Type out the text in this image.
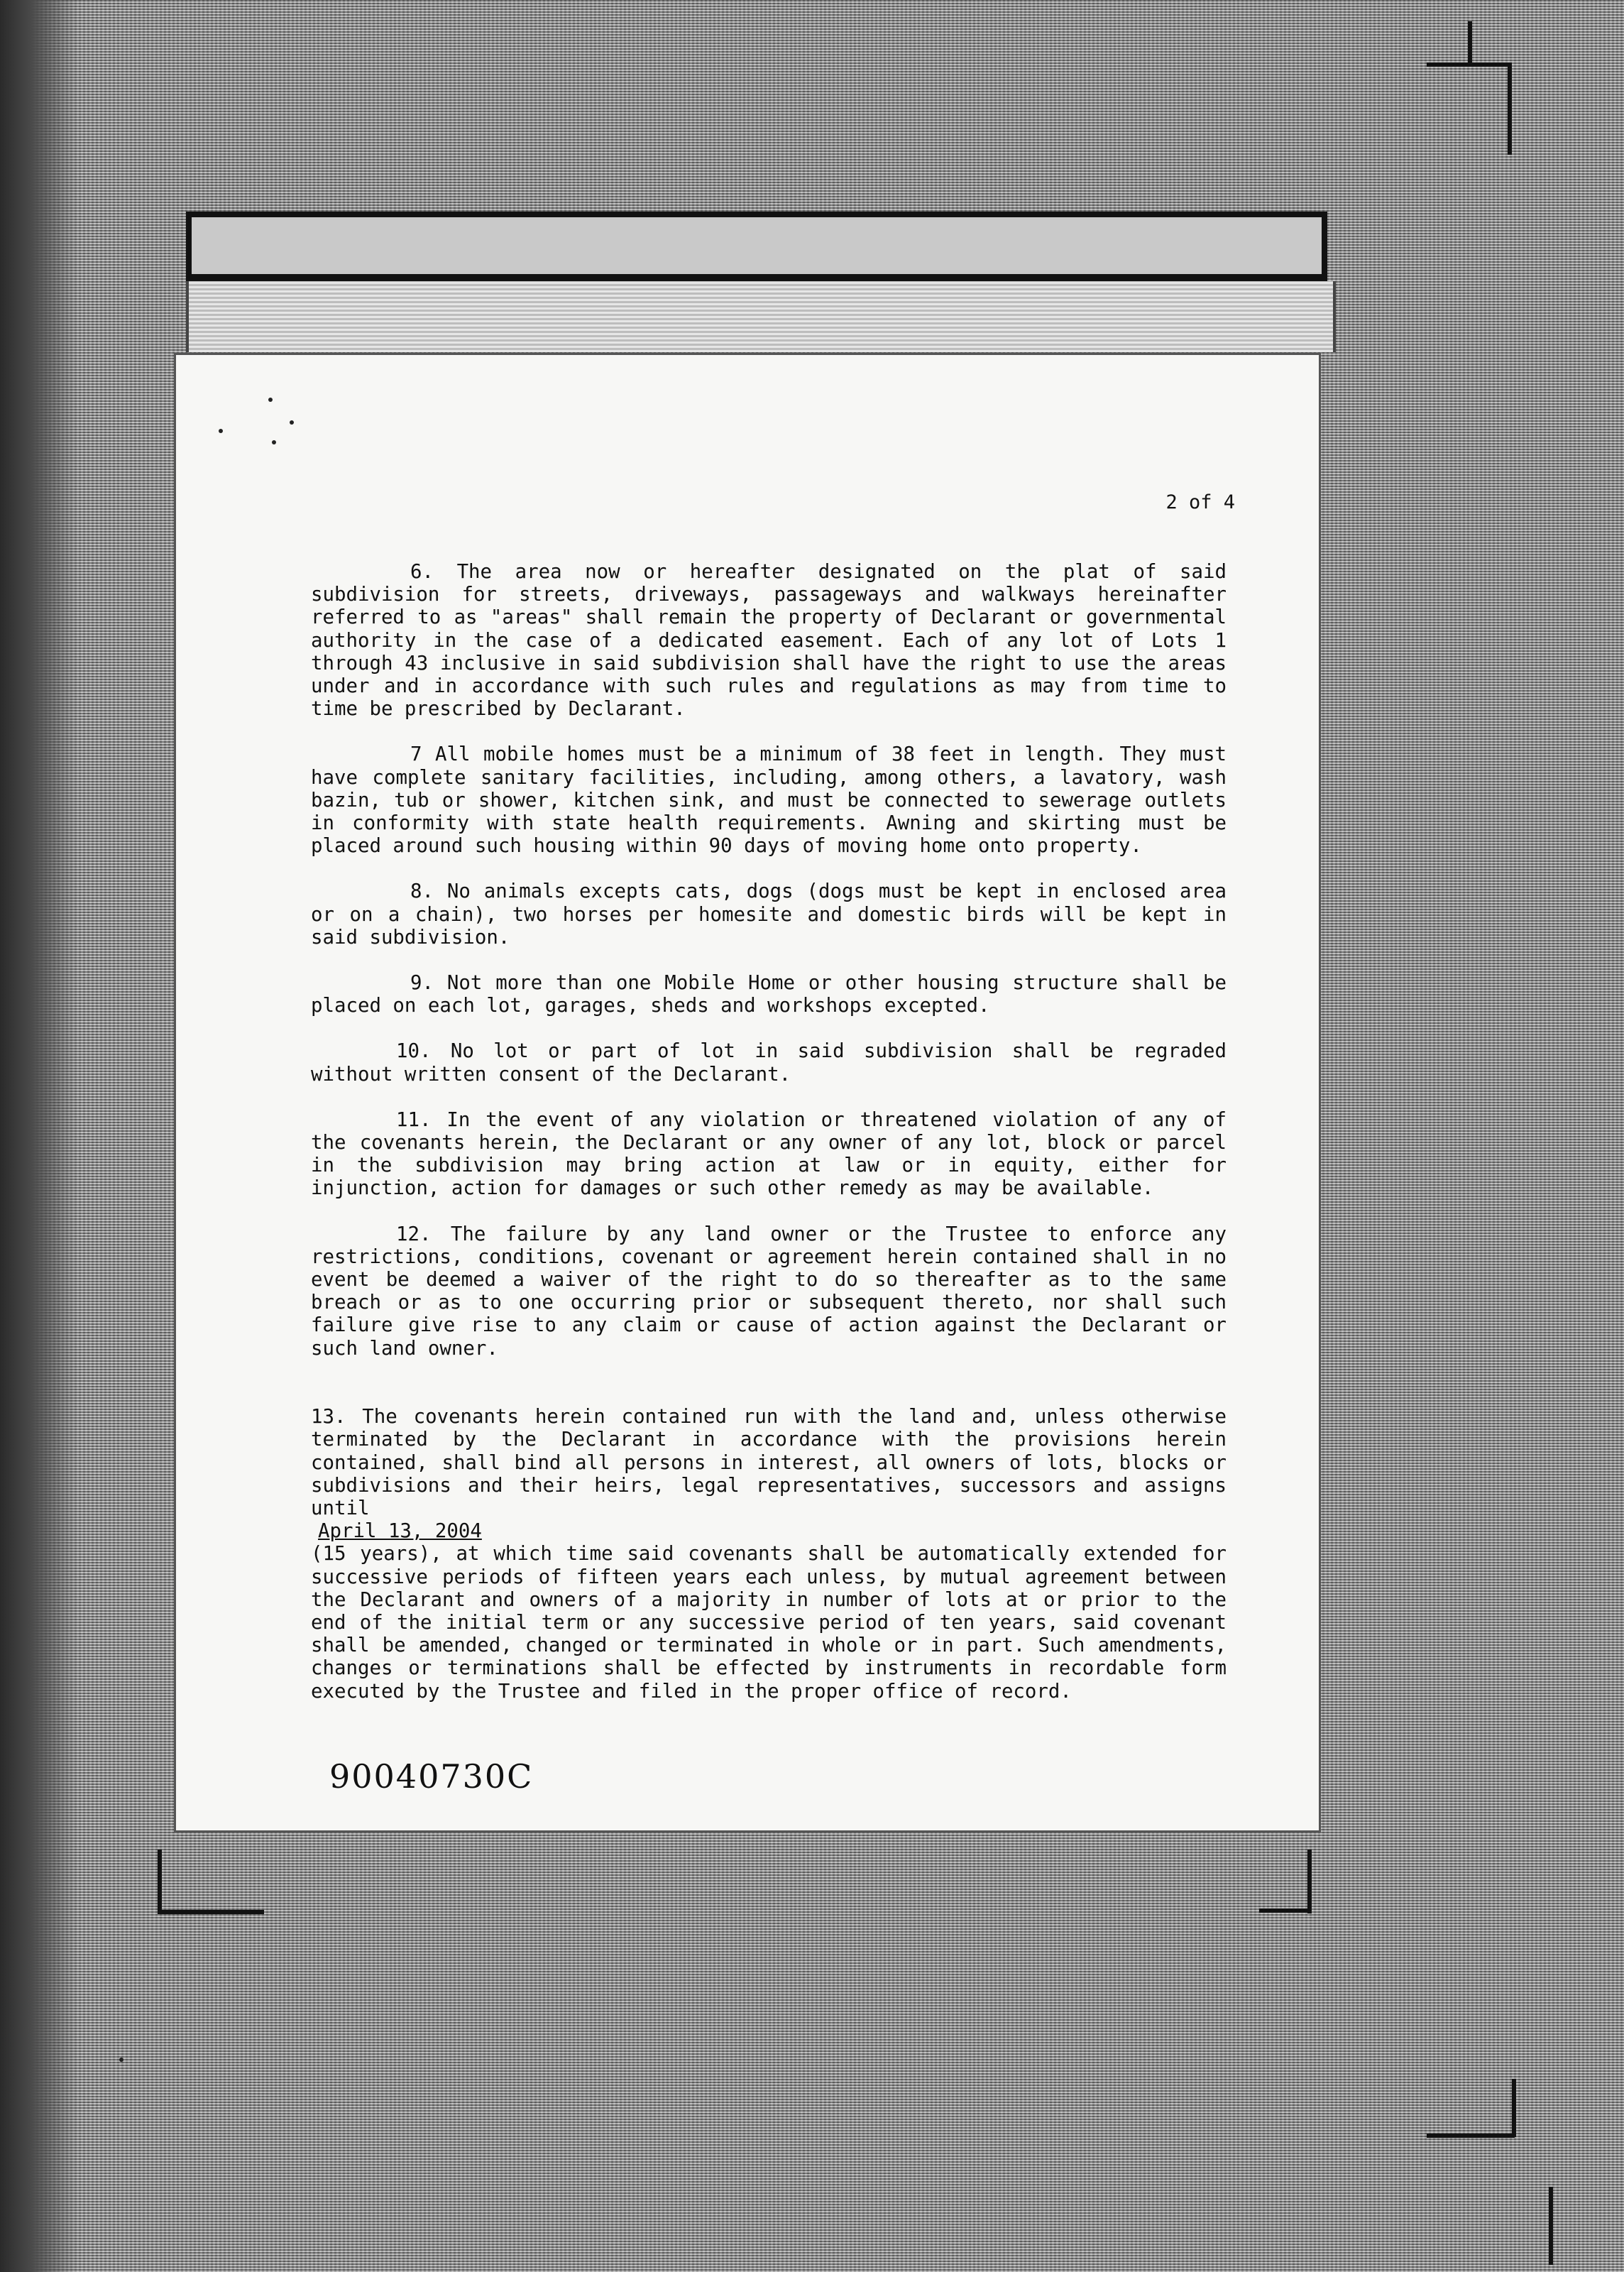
2 of 4

6. The area now or hereafter designated on the plat of said subdivision for streets, driveways, passageways and walkways hereinafter referred to as "areas" shall remain the property of Declarant or governmental authority in the case of a dedicated easement. Each of any lot of Lots 1 through 43 inclusive in said subdivision shall have the right to use the areas under and in accordance with such rules and regulations as may from time to time be prescribed by Declarant.

7 All mobile homes must be a minimum of 38 feet in length. They must have complete sanitary facilities, including, among others, a lavatory, wash bazin, tub or shower, kitchen sink, and must be connected to sewerage outlets in conformity with state health requirements. Awning and skirting must be placed around such housing within 90 days of moving home onto property.

8. No animals excepts cats, dogs (dogs must be kept in enclosed area or on a chain), two horses per homesite and domestic birds will be kept in said subdivision.

9. Not more than one Mobile Home or other housing structure shall be placed on each lot, garages, sheds and workshops excepted.

10. No lot or part of lot in said subdivision shall be regraded without written consent of the Declarant.

11. In the event of any violation or threatened violation of any of the covenants herein, the Declarant or any owner of any lot, block or parcel in the subdivision may bring action at law or in equity, either for injunction, action for damages or such other remedy as may be available.

12. The failure by any land owner or the Trustee to enforce any restrictions, conditions, covenant or agreement herein contained shall in no event be deemed a waiver of the right to do so thereafter as to the same breach or as to one occurring prior or subsequent thereto, nor shall such failure give rise to any claim or cause of action against the Declarant or such land owner.

13. The covenants herein contained run with the land and, unless otherwise terminated by the Declarant in accordance with the provisions herein contained, shall bind all persons in interest, all owners of lots, blocks or subdivisions and their heirs, legal representatives, successors and assigns until
April 13, 2004
(15 years), at which time said covenants shall be automatically extended for successive periods of fifteen years each unless, by mutual agreement between the Declarant and owners of a majority in number of lots at or prior to the end of the initial term or any successive period of ten years, said covenant shall be amended, changed or terminated in whole or in part. Such amendments, changes or terminations shall be effected by instruments in recordable form executed by the Trustee and filed in the proper office of record.

90040730C
